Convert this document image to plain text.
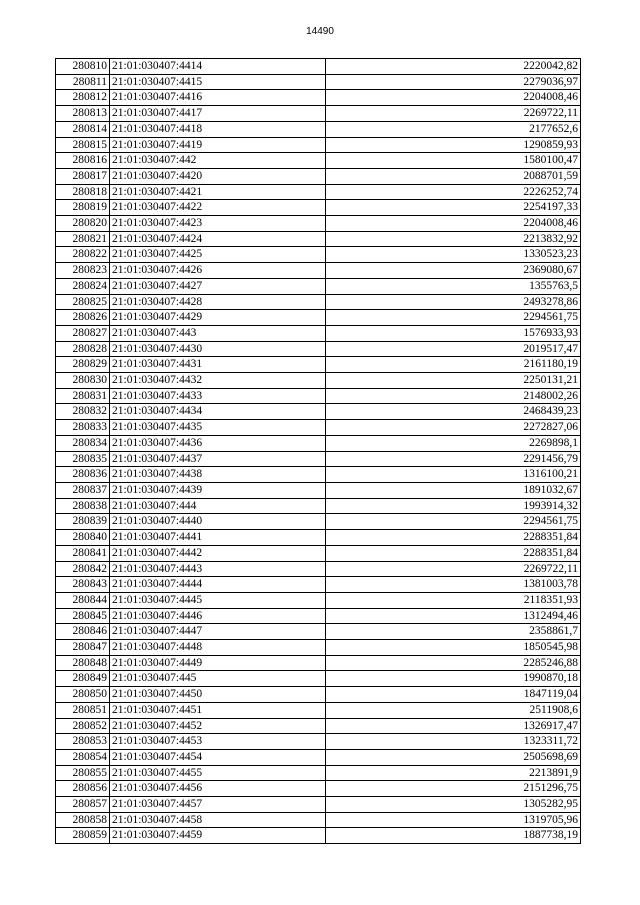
14490
280810	21:01:030407:4414	2220042,82
280811	21:01:030407:4415	2279036,97
280812	21:01:030407:4416	2204008,46
280813	21:01:030407:4417	2269722,11
280814	21:01:030407:4418	2177652,6
280815	21:01:030407:4419	1290859,93
280816	21:01:030407:442	1580100,47
280817	21:01:030407:4420	2088701,59
280818	21:01:030407:4421	2226252,74
280819	21:01:030407:4422	2254197,33
280820	21:01:030407:4423	2204008,46
280821	21:01:030407:4424	2213832,92
280822	21:01:030407:4425	1330523,23
280823	21:01:030407:4426	2369080,67
280824	21:01:030407:4427	1355763,5
280825	21:01:030407:4428	2493278,86
280826	21:01:030407:4429	2294561,75
280827	21:01:030407:443	1576933,93
280828	21:01:030407:4430	2019517,47
280829	21:01:030407:4431	2161180,19
280830	21:01:030407:4432	2250131,21
280831	21:01:030407:4433	2148002,26
280832	21:01:030407:4434	2468439,23
280833	21:01:030407:4435	2272827,06
280834	21:01:030407:4436	2269898,1
280835	21:01:030407:4437	2291456,79
280836	21:01:030407:4438	1316100,21
280837	21:01:030407:4439	1891032,67
280838	21:01:030407:444	1993914,32
280839	21:01:030407:4440	2294561,75
280840	21:01:030407:4441	2288351,84
280841	21:01:030407:4442	2288351,84
280842	21:01:030407:4443	2269722,11
280843	21:01:030407:4444	1381003,78
280844	21:01:030407:4445	2118351,93
280845	21:01:030407:4446	1312494,46
280846	21:01:030407:4447	2358861,7
280847	21:01:030407:4448	1850545,98
280848	21:01:030407:4449	2285246,88
280849	21:01:030407:445	1990870,18
280850	21:01:030407:4450	1847119,04
280851	21:01:030407:4451	2511908,6
280852	21:01:030407:4452	1326917,47
280853	21:01:030407:4453	1323311,72
280854	21:01:030407:4454	2505698,69
280855	21:01:030407:4455	2213891,9
280856	21:01:030407:4456	2151296,75
280857	21:01:030407:4457	1305282,95
280858	21:01:030407:4458	1319705,96
280859	21:01:030407:4459	1887738,19
